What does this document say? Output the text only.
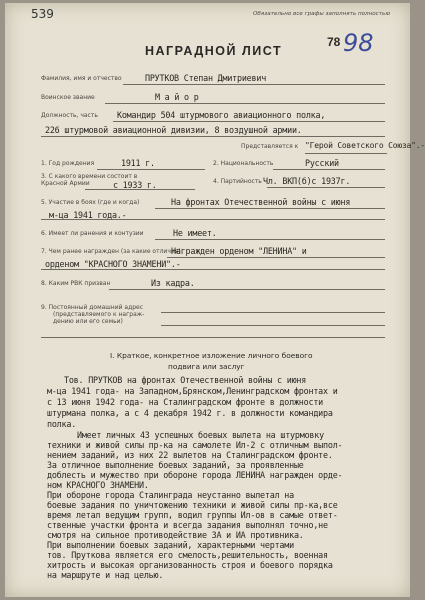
539	Обязательно все графы заполнять полностью
НАГРАДНОЙ ЛИСТ
78 98
Фамилия, имя и отчество	ПРУТКОВ Степан Дмитриевич
Воинское звание	М а й о р
Должность, часть Командир 504 штурмового авиационного полка,
226 штурмовой авиационной дивизии, 8 воздушной армии.
Представляется к "Герой Советского Союза".-
1. Год рождения	1911 г.	2. Национальность	Русский
3. С какого времени состоит в Красной Армии	с 1933 г.	4. Партийность Чл. ВКП(б)с 1937г.
5. Участие в боях (где и когда)	На фронтах Отечественной войны с июня
м-ца 1941 года.-
6. Имеет ли ранения и контузии	Не имеет.
7. Чем ранее награжден (за какие отличия)
Награжден орденом "ЛЕНИНА" и
орденом "КРАСНОГО ЗНАМЕНИ".-
8. Каким РВК призван	Из кадра.
9. Постоянный домашний адрес
(представляемого к награж-
дению или его семьи)
I. Краткое, конкретное изложение личного боевого
подвига или заслуг
Тов. ПРУТКОВ на фронтах Отечественной войны с июня
м-ца 1941 года- на Западном,Брянском,Ленинградском фронтах и
с 13 июня 1942 года- на Сталинградском фронте в должности
штурмана полка, а с 4 декабря 1942 г. в должности командира
полка.
Имеет личных 43 успешных боевых вылета на штурмовку
техники и живой силы пр-ка на самолете Ил-2 с отличным выпол-
нением заданий, из них 22 вылетов на Сталинградском фронте.
За отличное выполнение боевых заданий, за проявленные
доблесть и мужество при обороне города ЛЕНИНА награжден орде-
ном КРАСНОГО ЗНАМЕНИ.
При обороне города Сталинграда неустанно вылетал на
боевые задания по уничтожению техники и живой силы пр-ка,все
время летал ведущим групп, водил группы Ил-ов в самые ответ-
ственные участки фронта и всегда задания выполнял точно,не
смотря на сильное противодействие ЗА и ИА противника.
При выполнении боевых заданий, характерными чертами
тов. Пруткова является его смелость,решительность, военная
хитрость и высокая организованность строя и боевого порядка
на маршруте и над целью.
